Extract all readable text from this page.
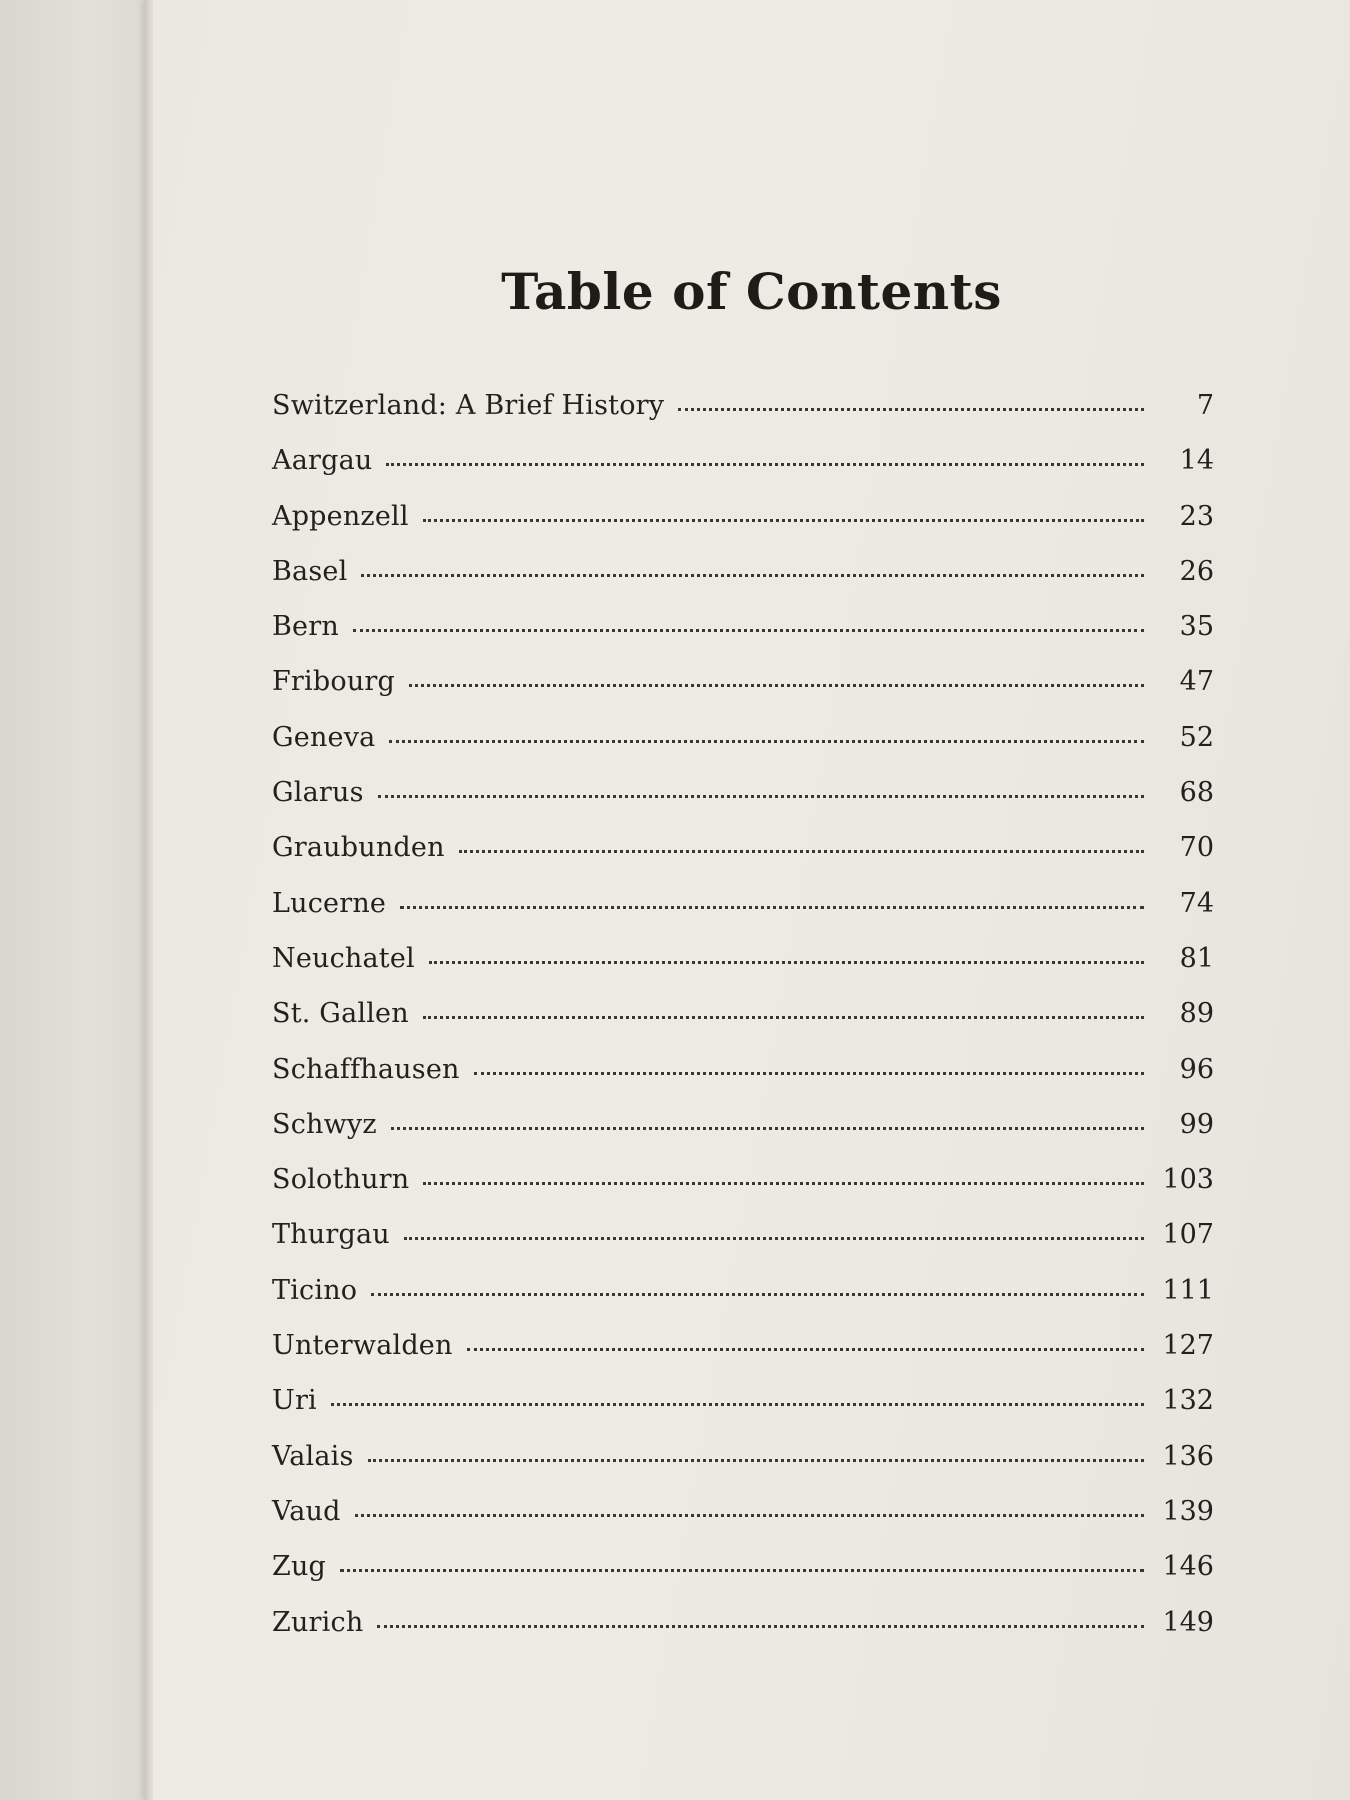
Table of Contents
Switzerland: A Brief History	7
Aargau	14
Appenzell	23
Basel	26
Bern	35
Fribourg	47
Geneva	52
Glarus	68
Graubunden	70
Lucerne	74
Neuchatel	81
St. Gallen	89
Schaffhausen	96
Schwyz	99
Solothurn	103
Thurgau	107
Ticino	111
Unterwalden	127
Uri	132
Valais	136
Vaud	139
Zug	146
Zurich	149
